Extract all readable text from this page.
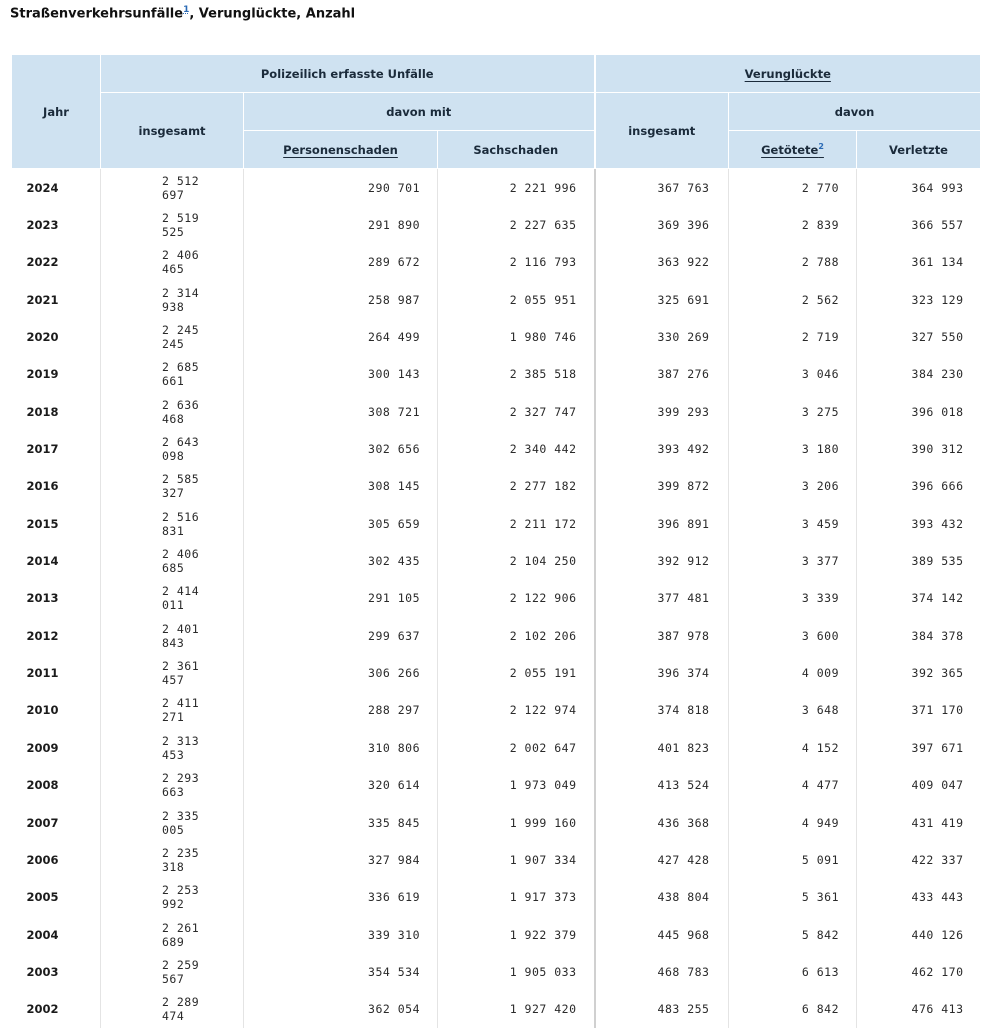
Straßenverkehrsunfälle$^1$, Verunglückte, Anzahl
Jahr	Polizeilich erfasste Unfälle			Verunglückte		
	insgesamt	davon mit		insgesamt	davon	
		Personenschaden	Sachschaden		Getötete$^2$	Verletzte
2024	2 512 697	290 701	2 221 996	367 763	2 770	364 993
2023	2 519 525	291 890	2 227 635	369 396	2 839	366 557
2022	2 406 465	289 672	2 116 793	363 922	2 788	361 134
2021	2 314 938	258 987	2 055 951	325 691	2 562	323 129
2020	2 245 245	264 499	1 980 746	330 269	2 719	327 550
2019	2 685 661	300 143	2 385 518	387 276	3 046	384 230
2018	2 636 468	308 721	2 327 747	399 293	3 275	396 018
2017	2 643 098	302 656	2 340 442	393 492	3 180	390 312
2016	2 585 327	308 145	2 277 182	399 872	3 206	396 666
2015	2 516 831	305 659	2 211 172	396 891	3 459	393 432
2014	2 406 685	302 435	2 104 250	392 912	3 377	389 535
2013	2 414 011	291 105	2 122 906	377 481	3 339	374 142
2012	2 401 843	299 637	2 102 206	387 978	3 600	384 378
2011	2 361 457	306 266	2 055 191	396 374	4 009	392 365
2010	2 411 271	288 297	2 122 974	374 818	3 648	371 170
2009	2 313 453	310 806	2 002 647	401 823	4 152	397 671
2008	2 293 663	320 614	1 973 049	413 524	4 477	409 047
2007	2 335 005	335 845	1 999 160	436 368	4 949	431 419
2006	2 235 318	327 984	1 907 334	427 428	5 091	422 337
2005	2 253 992	336 619	1 917 373	438 804	5 361	433 443
2004	2 261 689	339 310	1 922 379	445 968	5 842	440 126
2003	2 259 567	354 534	1 905 033	468 783	6 613	462 170
2002	2 289 474	362 054	1 927 420	483 255	6 842	476 413
